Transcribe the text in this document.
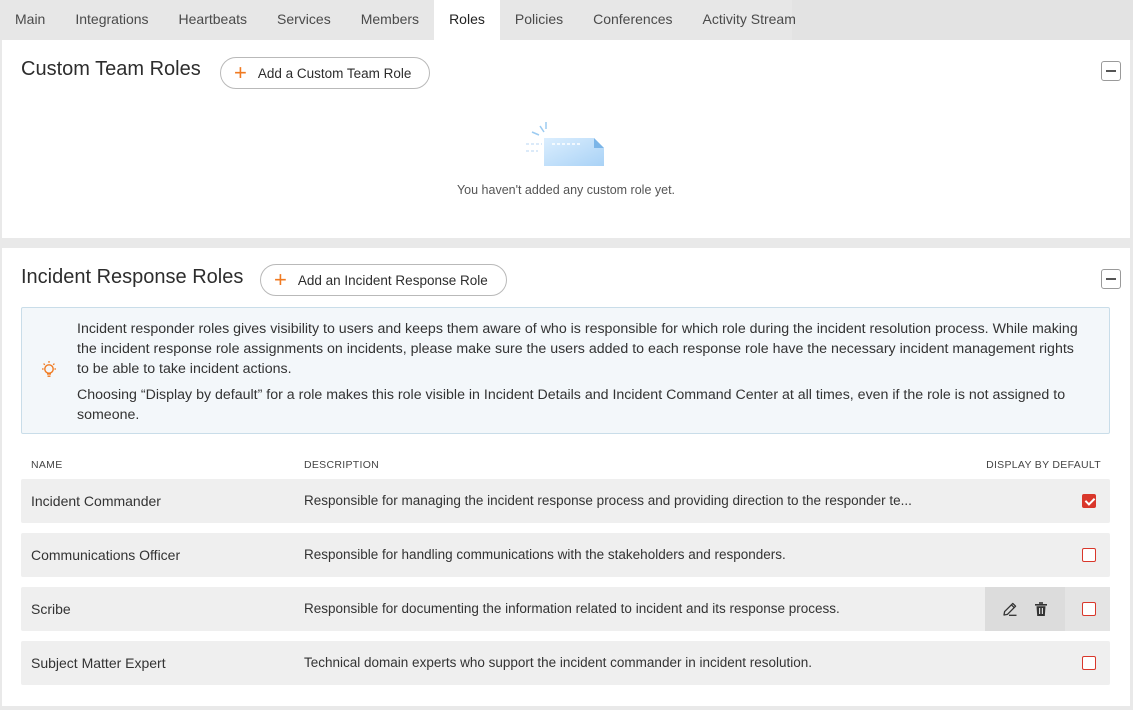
Main	Integrations	Heartbeats	Services	Members	Roles	Policies	Conferences	Activity Stream
Custom Team Roles + Add a Custom Team Role
You haven't added any custom role yet.
Incident Response Roles + Add an Incident Response Role

Incident responder roles gives visibility to users and keeps them aware of who is responsible for which role during the incident resolution process. While making the incident response role assignments on incidents, please make sure the users added to each response role have the necessary incident management rights to be able to take incident actions.

Choosing “Display by default” for a role makes this role visible in Incident Details and Incident Command Center at all times, even if the role is not assigned to someone.

NAME	DESCRIPTION	DISPLAY BY DEFAULT
Incident Commander	Responsible for managing the incident response process and providing direction to the responder te...
Communications Officer	Responsible for handling communications with the stakeholders and responders.
Scribe	Responsible for documenting the information related to incident and its response process.
Subject Matter Expert	Technical domain experts who support the incident commander in incident resolution.
